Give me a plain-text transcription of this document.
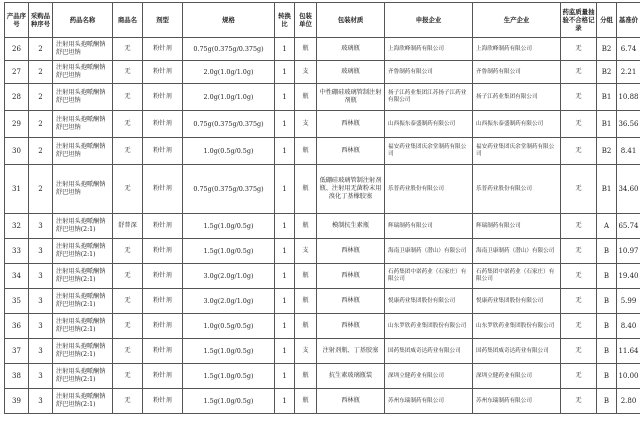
产品序号	采购品种序号	药品名称	商品名	剂型	规格	转换比	包装单位	包装材质	申报企业	生产企业	药监质量抽验不合格记录	分组	基准价
26	2	注射用头孢哌酮钠舒巴坦钠	无	粉针剂	0.75g(0.375g/0.375g)	1	瓶	玻璃瓶	上海欣峰制药有限公司	上海欣峰制药有限公司	无	B2	6.74
27	2	注射用头孢哌酮钠舒巴坦钠	无	粉针剂	2.0g(1.0g/1.0g)	1	支	玻璃瓶	齐鲁制药有限公司	齐鲁制药有限公司	无	B2	2.21
28	2	注射用头孢哌酮钠舒巴坦钠	无	粉针剂	2.0g(1.0g/1.0g)	1	瓶	中性硼硅玻璃管制注射剂瓶	扬子江药业集团江苏扬子江药业有限公司	扬子江药业集团有限公司	无	B1	10.88
29	2	注射用头孢哌酮钠舒巴坦钠	无	粉针剂	0.75g(0.375g/0.375g)	1	支	西林瓶	山西振东泰盛制药有限公司	山西振东泰盛制药有限公司	无	B1	36.56
30	2	注射用头孢哌酮钠舒巴坦钠	无	粉针剂	1.0g(0.5g/0.5g)	1	瓶	西林瓶	福安药业集团庆余堂制药有限公司	福安药业集团庆余堂制药有限公司	无	B2	8.41
31	2	注射用头孢哌酮钠舒巴坦钠	无	粉针剂	0.75g(0.375g/0.375g)	1	瓶	低硼硅玻璃管制注射剂瓶、注射用无菌粉末用溴化丁基橡胶塞	乐普药业股份有限公司	乐普药业股份有限公司	无	B1	34.60
32	3	注射用头孢哌酮钠舒巴坦钠(2:1)	舒普深	粉针剂	1.5g(1.0g/0.5g)	1	瓶	模制抗生素瓶	辉瑞制药有限公司	辉瑞制药有限公司	无	A	65.74
33	3	注射用头孢哌酮钠舒巴坦钠(2:1)	无	粉针剂	1.5g(1.0g/0.5g)	1	支	西林瓶	海南卫康制药（潜山）有限公司	海南卫康制药（潜山）有限公司	无	B	10.97
34	3	注射用头孢哌酮钠舒巴坦钠(2:1)	无	粉针剂	3.0g(2.0g/1.0g)	1	瓶	西林瓶	石药集团中诺药业（石家庄）有限公司	石药集团中诺药业（石家庄）有限公司	无	B	19.40
35	3	注射用头孢哌酮钠舒巴坦钠(2:1)	无	粉针剂	3.0g(2.0g/1.0g)	1	瓶	西林瓶	悦康药业集团股份有限公司	悦康药业集团股份有限公司	无	B	5.99
36	3	注射用头孢哌酮钠舒巴坦钠(2:1)	无	粉针剂	1.0g(0.5g/0.5g)	1	瓶	西林瓶	山东罗欣药业集团股份有限公司	山东罗欣药业集团股份有限公司	无	B	8.40
37	3	注射用头孢哌酮钠舒巴坦钠(2:1)	无	粉针剂	1.5g(1.0g/0.5g)	1	支	注射剂瓶、丁基胶塞	国药集团威奇达药业有限公司	国药集团威奇达药业有限公司	无	B	11.64
38	3	注射用头孢哌酮钠舒巴坦钠(2:1)	无	粉针剂	1.5g(1.0g/0.5g)	1	瓶	抗生素玻璃瓶装	深圳立健药业有限公司	深圳立健药业有限公司	无	B	10.00
39	3	注射用头孢哌酮钠舒巴坦钠(2:1)	无	粉针剂	1.5g(1.0g/0.5g)	1	瓶	西林瓶	苏州东瑞制药有限公司	苏州东瑞制药有限公司	无	B	2.80
